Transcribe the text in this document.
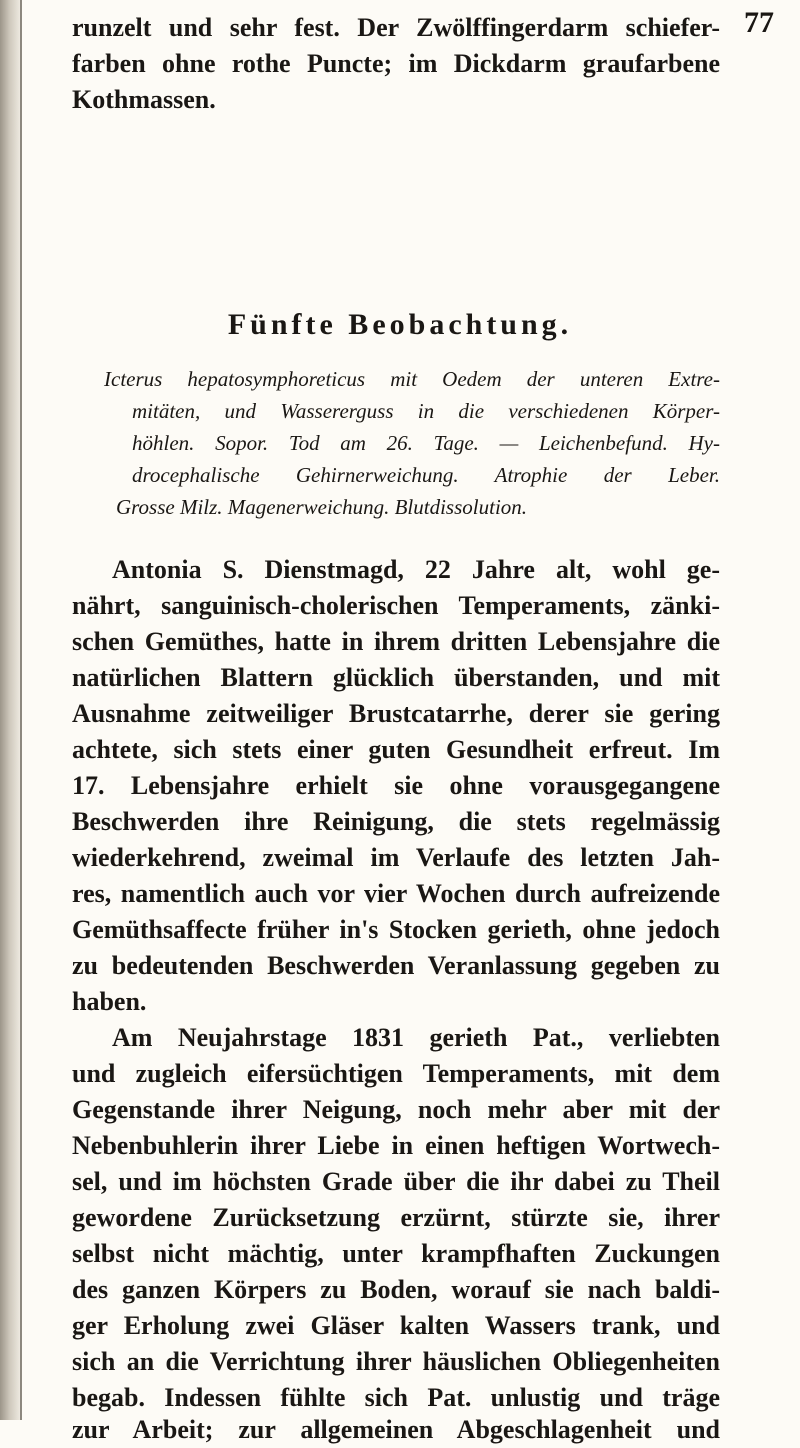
77

runzelt und sehr fest. Der Zwölffingerdarm schiefer-

farben ohne rothe Puncte; im Dickdarm graufarbene

Kothmassen.

Fünfte Beobachtung.

Icterus hepatosymphoreticus mit Oedem der unteren Extre-

mitäten, und Wassererguss in die verschiedenen Körper-

höhlen. Sopor. Tod am 26. Tage. — Leichenbefund. Hy-

drocephalische Gehirnerweichung. Atrophie der Leber.

Grosse Milz. Magenerweichung. Blutdissolution.

Antonia S. Dienstmagd, 22 Jahre alt, wohl ge-

nährt, sanguinisch-cholerischen Temperaments, zänki-

schen Gemüthes, hatte in ihrem dritten Lebensjahre die

natürlichen Blattern glücklich überstanden, und mit

Ausnahme zeitweiliger Brustcatarrhe, derer sie gering

achtete, sich stets einer guten Gesundheit erfreut. Im

17. Lebensjahre erhielt sie ohne vorausgegangene

Beschwerden ihre Reinigung, die stets regelmässig

wiederkehrend, zweimal im Verlaufe des letzten Jah-

res, namentlich auch vor vier Wochen durch aufreizende

Gemüthsaffecte früher in's Stocken gerieth, ohne jedoch

zu bedeutenden Beschwerden Veranlassung gegeben zu

haben.

Am Neujahrstage 1831 gerieth Pat., verliebten

und zugleich eifersüchtigen Temperaments, mit dem

Gegenstande ihrer Neigung, noch mehr aber mit der

Nebenbuhlerin ihrer Liebe in einen heftigen Wortwech-

sel, und im höchsten Grade über die ihr dabei zu Theil

gewordene Zurücksetzung erzürnt, stürzte sie, ihrer

selbst nicht mächtig, unter krampfhaften Zuckungen

des ganzen Körpers zu Boden, worauf sie nach baldi-

ger Erholung zwei Gläser kalten Wassers trank, und

sich an die Verrichtung ihrer häuslichen Obliegenheiten

begab. Indessen fühlte sich Pat. unlustig und träge

zur Arbeit; zur allgemeinen Abgeschlagenheit und
